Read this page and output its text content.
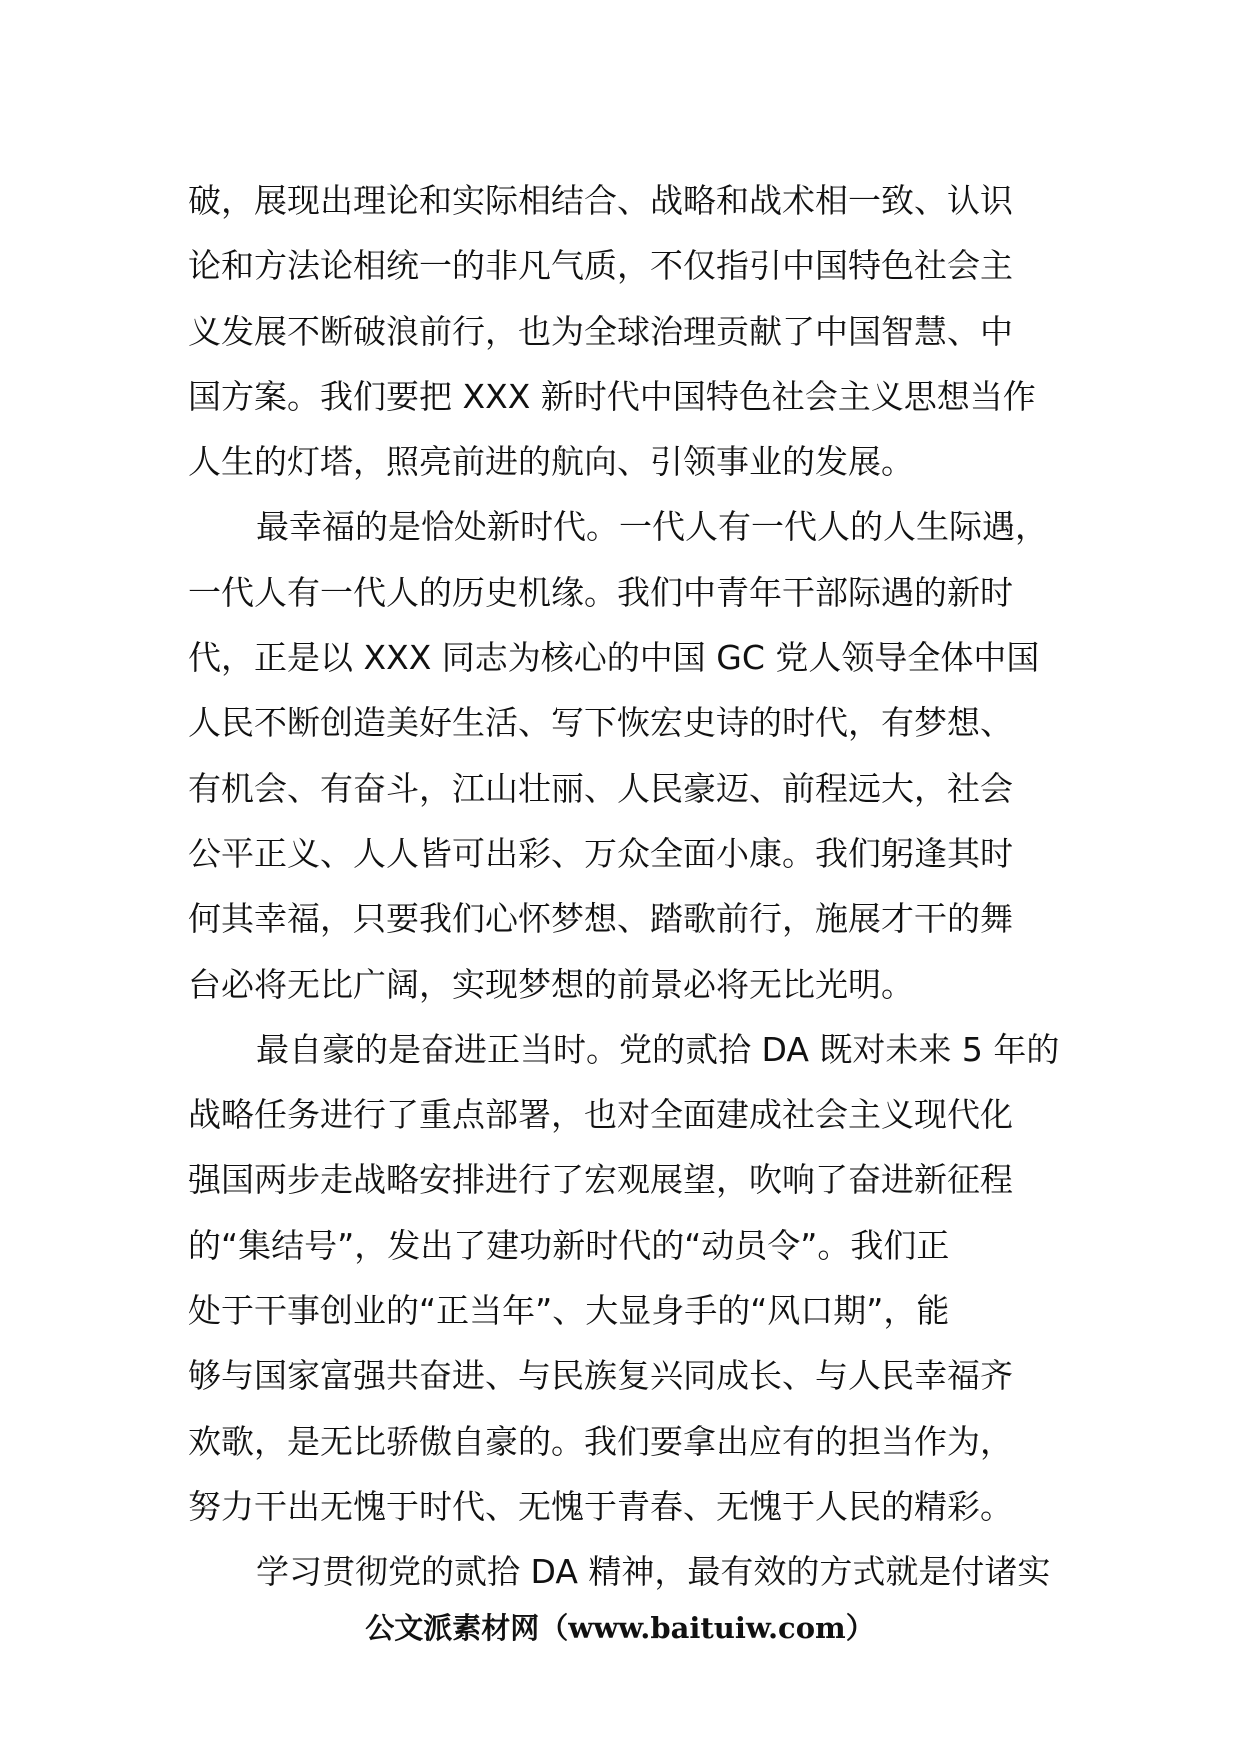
破，展现出理论和实际相结合、战略和战术相一致、认识
论和方法论相统一的非凡气质，不仅指引中国特色社会主
义发展不断破浪前行，也为全球治理贡献了中国智慧、中
国方案。我们要把 XXX 新时代中国特色社会主义思想当作
人生的灯塔，照亮前进的航向、引领事业的发展。
最幸福的是恰处新时代。一代人有一代人的人生际遇，
一代人有一代人的历史机缘。我们中青年干部际遇的新时
代，正是以 XXX 同志为核心的中国 GC 党人领导全体中国
人民不断创造美好生活、写下恢宏史诗的时代，有梦想、
有机会、有奋斗，江山壮丽、人民豪迈、前程远大，社会
公平正义、人人皆可出彩、万众全面小康。我们躬逢其时
何其幸福，只要我们心怀梦想、踏歌前行，施展才干的舞
台必将无比广阔，实现梦想的前景必将无比光明。
最自豪的是奋进正当时。党的贰拾 DA 既对未来 5 年的
战略任务进行了重点部署，也对全面建成社会主义现代化
强国两步走战略安排进行了宏观展望，吹响了奋进新征程
的“集结号”，发出了建功新时代的“动员令”。我们正
处于干事创业的“正当年”、大显身手的“风口期”，能
够与国家富强共奋进、与民族复兴同成长、与人民幸福齐
欢歌，是无比骄傲自豪的。我们要拿出应有的担当作为，
努力干出无愧于时代、无愧于青春、无愧于人民的精彩。
学习贯彻党的贰拾 DA 精神，最有效的方式就是付诸实
公文派素材网（www.baituiw.com）
